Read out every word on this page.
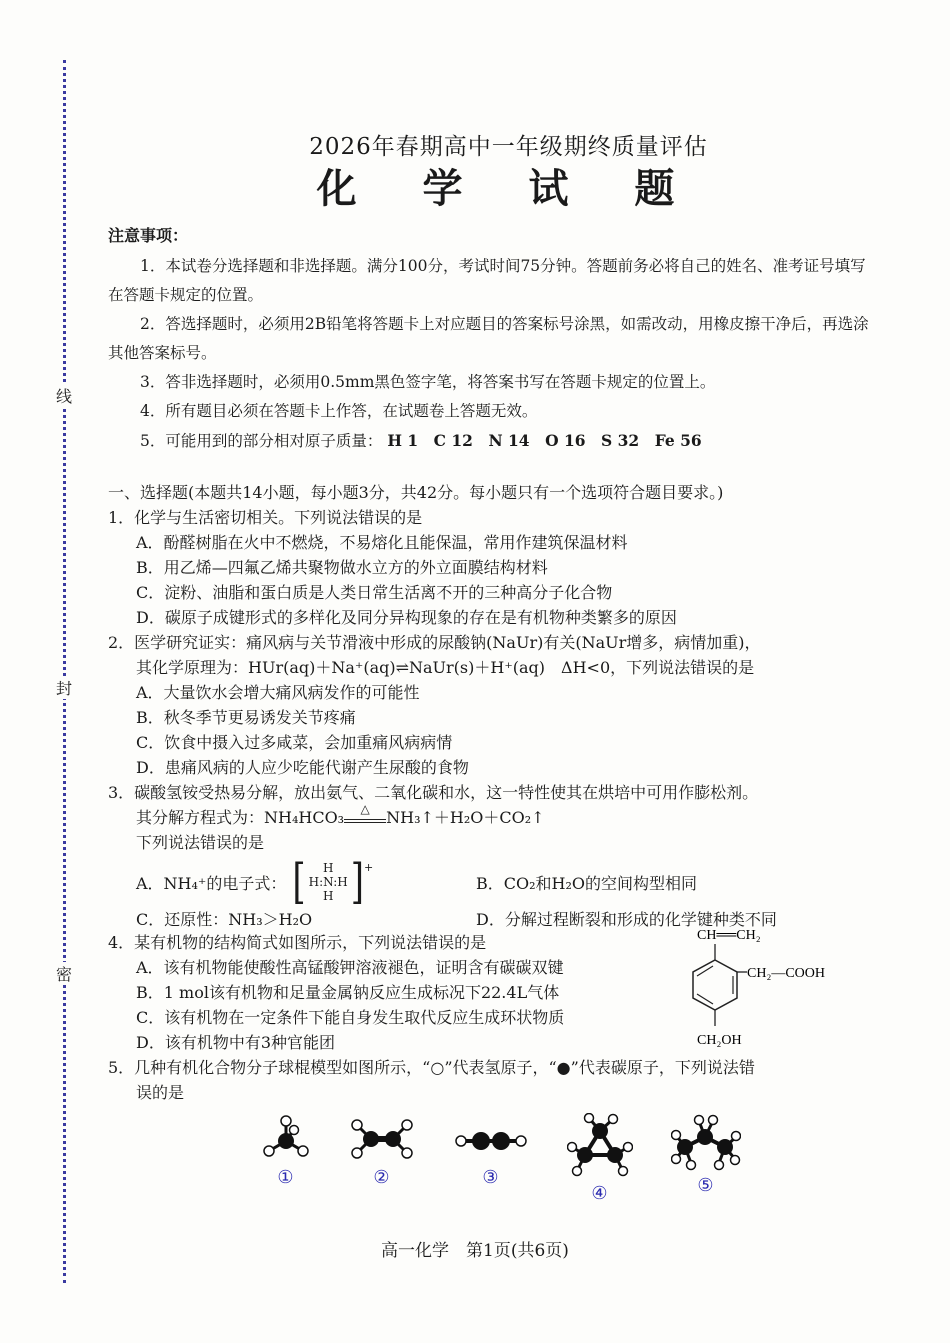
线
封
密
2026年春期高中一年级期终质量评估
化 学 试 题
注意事项：
1．本试卷分选择题和非选择题。满分100分，考试时间75分钟。答题前务必将自己的姓名、准考证号填写在答题卡规定的位置。
2．答选择题时，必须用2B铅笔将答题卡上对应题目的答案标号涂黑，如需改动，用橡皮擦干净后，再选涂其他答案标号。
3．答非选择题时，必须用0.5mm黑色签字笔，将答案书写在答题卡规定的位置上。
4．所有题目必须在答题卡上作答，在试题卷上答题无效。
5．可能用到的部分相对原子质量： H 1　C 12　N 14　O 16　S 32　Fe 56
一、选择题(本题共14小题，每小题3分，共42分。每小题只有一个选项符合题目要求。)
1．化学与生活密切相关。下列说法错误的是
A．酚醛树脂在火中不燃烧，不易熔化且能保温，常用作建筑保温材料
B．用乙烯—四氟乙烯共聚物做水立方的外立面膜结构材料
C．淀粉、油脂和蛋白质是人类日常生活离不开的三种高分子化合物
D．碳原子成键形式的多样化及同分异构现象的存在是有机物种类繁多的原因
2．医学研究证实：痛风病与关节滑液中形成的尿酸钠(NaUr)有关(NaUr增多，病情加重)，
其化学原理为：HUr(aq)＋Na⁺(aq)⇌NaUr(s)＋H⁺(aq)　ΔH<0，下列说法错误的是
A．大量饮水会增大痛风病发作的可能性
B．秋冬季节更易诱发关节疼痛
C．饮食中摄入过多咸菜，会加重痛风病病情
D．患痛风病的人应少吃能代谢产生尿酸的食物
3．碳酸氢铵受热易分解，放出氨气、二氧化碳和水，这一特性使其在烘培中可用作膨松剂。
其分解方程式为：NH₄HCO₃	△	NH₃↑＋H₂O＋CO₂↑
下列说法错误的是
A．NH₄⁺的电子式： [	H
H:N:H
H ]+
B．CO₂和H₂O的空间构型相同
C．还原性：NH₃＞H₂O	D．分解过程断裂和形成的化学键种类不同
4．某有机物的结构简式如图所示，下列说法错误的是
A．该有机物能使酸性高锰酸钾溶液褪色，证明含有碳碳双键
B．1 mol该有机物和足量金属钠反应生成标况下22.4L气体
C．该有机物在一定条件下能自身发生取代反应生成环状物质
D．该有机物中有3种官能团
CH══CH₂
CH₂—COOH
CH₂OH
5．几种有机化合物分子球棍模型如图所示，“○”代表氢原子，“●”代表碳原子，下列说法错
误的是
①	②	③
④	⑤
高一化学　第1页(共6页)
